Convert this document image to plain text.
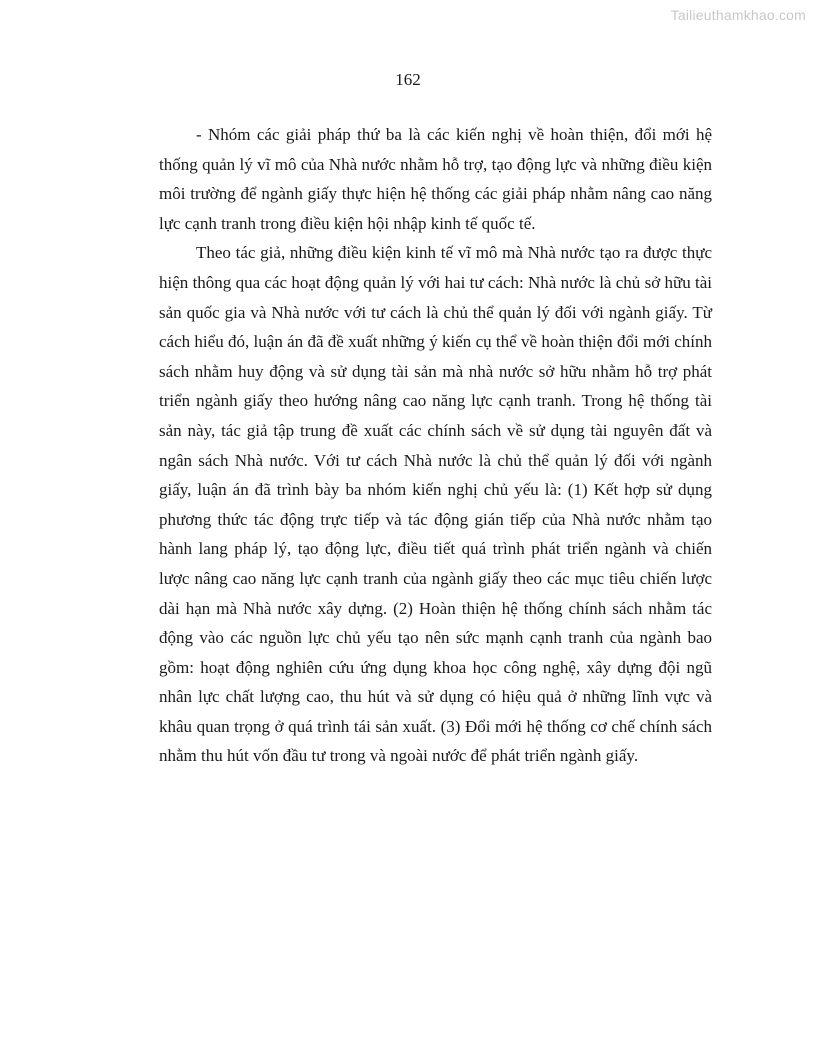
Tailieuthamkhao.com
162

- Nhóm các giải pháp thứ ba là các kiến nghị về hoàn thiện, đổi mới hệ thống quản lý vĩ mô của Nhà nước nhằm hỗ trợ, tạo động lực và những điều kiện môi trường để ngành giấy thực hiện hệ thống các giải pháp nhằm nâng cao năng lực cạnh tranh trong điều kiện hội nhập kinh tế quốc tế.

Theo tác giả, những điều kiện kinh tế vĩ mô mà Nhà nước tạo ra được thực hiện thông qua các hoạt động quản lý với hai tư cách: Nhà nước là chủ sở hữu tài sản quốc gia và Nhà nước với tư cách là chủ thể quản lý đối với ngành giấy. Từ cách hiểu đó, luận án đã đề xuất những ý kiến cụ thể về hoàn thiện đổi mới chính sách nhằm huy động và sử dụng tài sản mà nhà nước sở hữu nhằm hỗ trợ phát triển ngành giấy theo hướng nâng cao năng lực cạnh tranh. Trong hệ thống tài sản này, tác giả tập trung đề xuất các chính sách về sử dụng tài nguyên đất và ngân sách Nhà nước. Với tư cách Nhà nước là chủ thể quản lý đối với ngành giấy, luận án đã trình bày ba nhóm kiến nghị chủ yếu là: (1) Kết hợp sử dụng phương thức tác động trực tiếp và tác động gián tiếp của Nhà nước nhằm tạo hành lang pháp lý, tạo động lực, điều tiết quá trình phát triển ngành và chiến lược nâng cao năng lực cạnh tranh của ngành giấy theo các mục tiêu chiến lược dài hạn mà Nhà nước xây dựng. (2) Hoàn thiện hệ thống chính sách nhằm tác động vào các nguồn lực chủ yếu tạo nên sức mạnh cạnh tranh của ngành bao gồm: hoạt động nghiên cứu ứng dụng khoa học công nghệ, xây dựng đội ngũ nhân lực chất lượng cao, thu hút và sử dụng có hiệu quả ở những lĩnh vực và khâu quan trọng ở quá trình tái sản xuất. (3) Đổi mới hệ thống cơ chế chính sách nhằm thu hút vốn đầu tư trong và ngoài nước để phát triển ngành giấy.
